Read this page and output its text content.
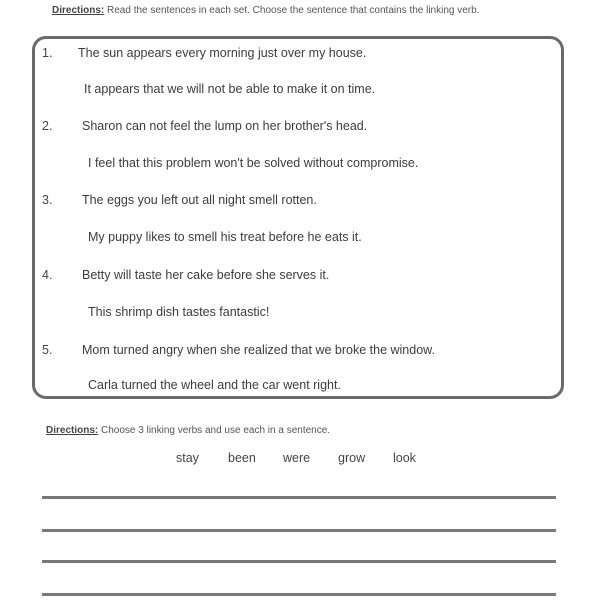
Directions: Read the sentences in each set. Choose the sentence that contains the linking verb.
1. The sun appears every morning just over my house.
It appears that we will not be able to make it on time.
2. Sharon can not feel the lump on her brother's head.
I feel that this problem won't be solved without compromise.
3. The eggs you left out all night smell rotten.
My puppy likes to smell his treat before he eats it.
4. Betty will taste her cake before she serves it.
This shrimp dish tastes fantastic!
5. Mom turned angry when she realized that we broke the window.
Carla turned the wheel and the car went right.
Directions: Choose 3 linking verbs and use each in a sentence.
stay been were grow look
